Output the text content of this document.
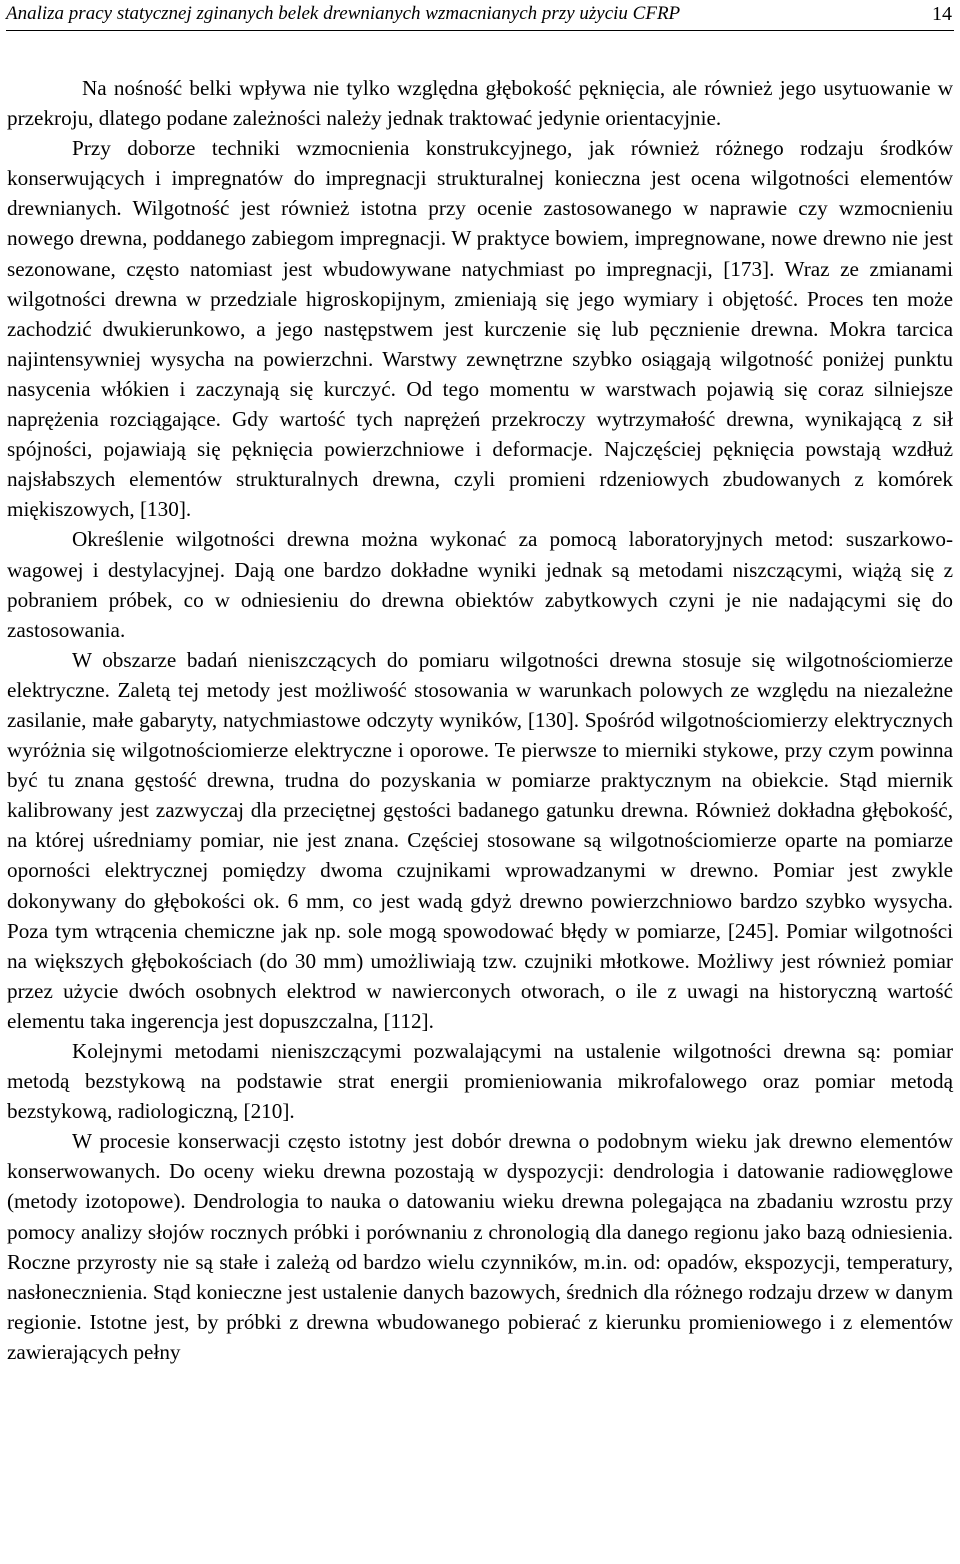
Analiza pracy statycznej zginanych belek drewnianych wzmacnianych przy użyciu CFRP	14

Na nośność belki wpływa nie tylko względna głębokość pęknięcia, ale również jego usytuowanie w przekroju, dlatego podane zależności należy jednak traktować jedynie orientacyjnie.

Przy doborze techniki wzmocnienia konstrukcyjnego, jak również różnego rodzaju środków konserwujących i impregnatów do impregnacji strukturalnej konieczna jest ocena wilgotności elementów drewnianych. Wilgotność jest również istotna przy ocenie zastosowanego w naprawie czy wzmocnieniu nowego drewna, poddanego zabiegom impregnacji. W praktyce bowiem, impregnowane, nowe drewno nie jest sezonowane, często natomiast jest wbudowywane natychmiast po impregnacji, [173]. Wraz ze zmianami wilgotności drewna w przedziale higroskopijnym, zmieniają się jego wymiary i objętość. Proces ten może zachodzić dwukierunkowo, a jego następstwem jest kurczenie się lub pęcznienie drewna. Mokra tarcica najintensywniej wysycha na powierzchni. Warstwy zewnętrzne szybko osiągają wilgotność poniżej punktu nasycenia włókien i zaczynają się kurczyć. Od tego momentu w warstwach pojawią się coraz silniejsze naprężenia rozciągające. Gdy wartość tych naprężeń przekroczy wytrzymałość drewna, wynikającą z sił spójności, pojawiają się pęknięcia powierzchniowe i deformacje. Najczęściej pęknięcia powstają wzdłuż najsłabszych elementów strukturalnych drewna, czyli promieni rdzeniowych zbudowanych z komórek miękiszowych, [130].

Określenie wilgotności drewna można wykonać za pomocą laboratoryjnych metod: suszarkowo-wagowej i destylacyjnej. Dają one bardzo dokładne wyniki jednak są metodami niszczącymi, wiążą się z pobraniem próbek, co w odniesieniu do drewna obiektów zabytkowych czyni je nie nadającymi się do zastosowania.

W obszarze badań nieniszczących do pomiaru wilgotności drewna stosuje się wilgotnościomierze elektryczne. Zaletą tej metody jest możliwość stosowania w warunkach polowych ze względu na niezależne zasilanie, małe gabaryty, natychmiastowe odczyty wyników, [130]. Spośród wilgotnościomierzy elektrycznych wyróżnia się wilgotnościomierze elektryczne i oporowe. Te pierwsze to mierniki stykowe, przy czym powinna być tu znana gęstość drewna, trudna do pozyskania w pomiarze praktycznym na obiekcie. Stąd miernik kalibrowany jest zazwyczaj dla przeciętnej gęstości badanego gatunku drewna. Również dokładna głębokość, na której uśredniamy pomiar, nie jest znana. Częściej stosowane są wilgotnościomierze oparte na pomiarze oporności elektrycznej pomiędzy dwoma czujnikami wprowadzanymi w drewno. Pomiar jest zwykle dokonywany do głębokości ok. 6 mm, co jest wadą gdyż drewno powierzchniowo bardzo szybko wysycha. Poza tym wtrącenia chemiczne jak np. sole mogą spowodować błędy w pomiarze, [245]. Pomiar wilgotności na większych głębokościach (do 30 mm) umożliwiają tzw. czujniki młotkowe. Możliwy jest również pomiar przez użycie dwóch osobnych elektrod w nawierconych otworach, o ile z uwagi na historyczną wartość elementu taka ingerencja jest dopuszczalna, [112].

Kolejnymi metodami nieniszczącymi pozwalającymi na ustalenie wilgotności drewna są: pomiar metodą bezstykową na podstawie strat energii promieniowania mikrofalowego oraz pomiar metodą bezstykową, radiologiczną, [210].

W procesie konserwacji często istotny jest dobór drewna o podobnym wieku jak drewno elementów konserwowanych. Do oceny wieku drewna pozostają w dyspozycji: dendrologia i datowanie radiowęglowe (metody izotopowe). Dendrologia to nauka o datowaniu wieku drewna polegająca na zbadaniu wzrostu przy pomocy analizy słojów rocznych próbki i porównaniu z chronologią dla danego regionu jako bazą odniesienia. Roczne przyrosty nie są stałe i zależą od bardzo wielu czynników, m.in. od: opadów, ekspozycji, temperatury, nasłonecznienia. Stąd konieczne jest ustalenie danych bazowych, średnich dla różnego rodzaju drzew w danym regionie. Istotne jest, by próbki z drewna wbudowanego pobierać z kierunku promieniowego i z elementów zawierających pełny
